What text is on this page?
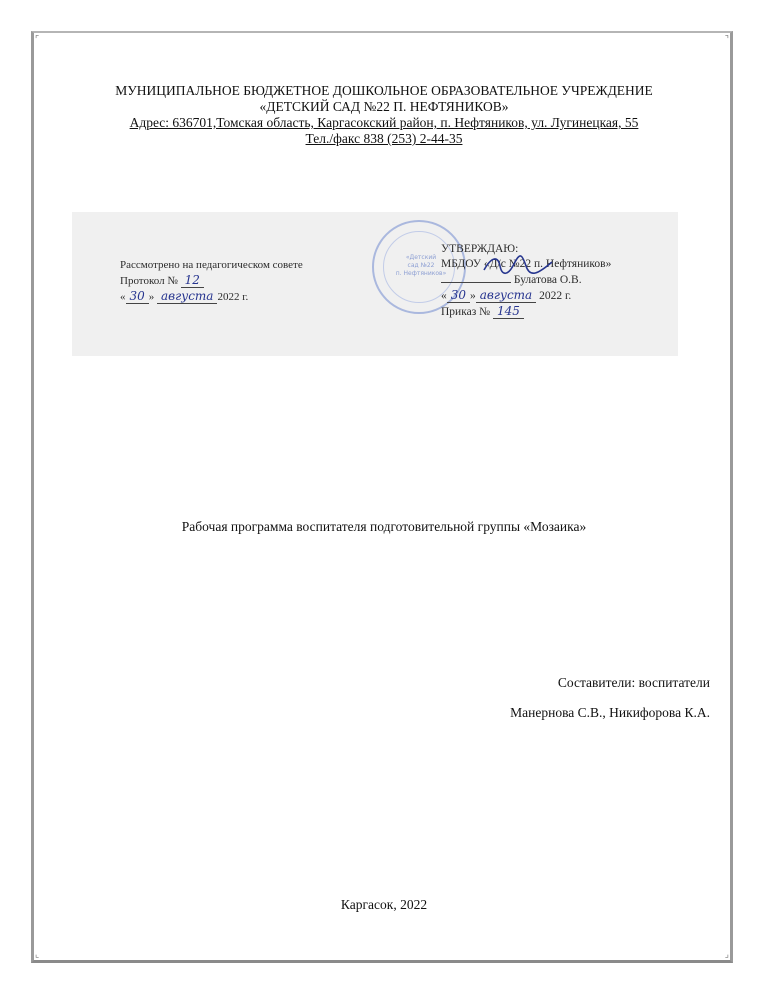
⌜	⌝
⌞	⌟
МУНИЦИПАЛЬНОЕ БЮДЖЕТНОЕ ДОШКОЛЬНОЕ ОБРАЗОВАТЕЛЬНОЕ УЧРЕЖДЕНИЕ
«ДЕТСКИЙ САД №22 П. НЕФТЯНИКОВ»
Адрес: 636701,Томская область, Каргасокский район, п. Нефтяников, ул. Лугинецкая, 55
Тел./факс 838 (253) 2-44-35
Рассмотрено на педагогическом совете
Протокол № 12
« 30 » августа 2022 г.
«Детский
сад №22
п. Нефтяников»
УТВЕРЖДАЮ:
МБДОУ «Д/с №22 п. Нефтяников»
Булатова О.В.
« 30 » августа 2022 г.
Приказ № 145
Рабочая программа воспитателя подготовительной группы «Мозаика»
Составители: воспитатели
Манернова С.В., Никифорова К.А.
Каргасок, 2022
